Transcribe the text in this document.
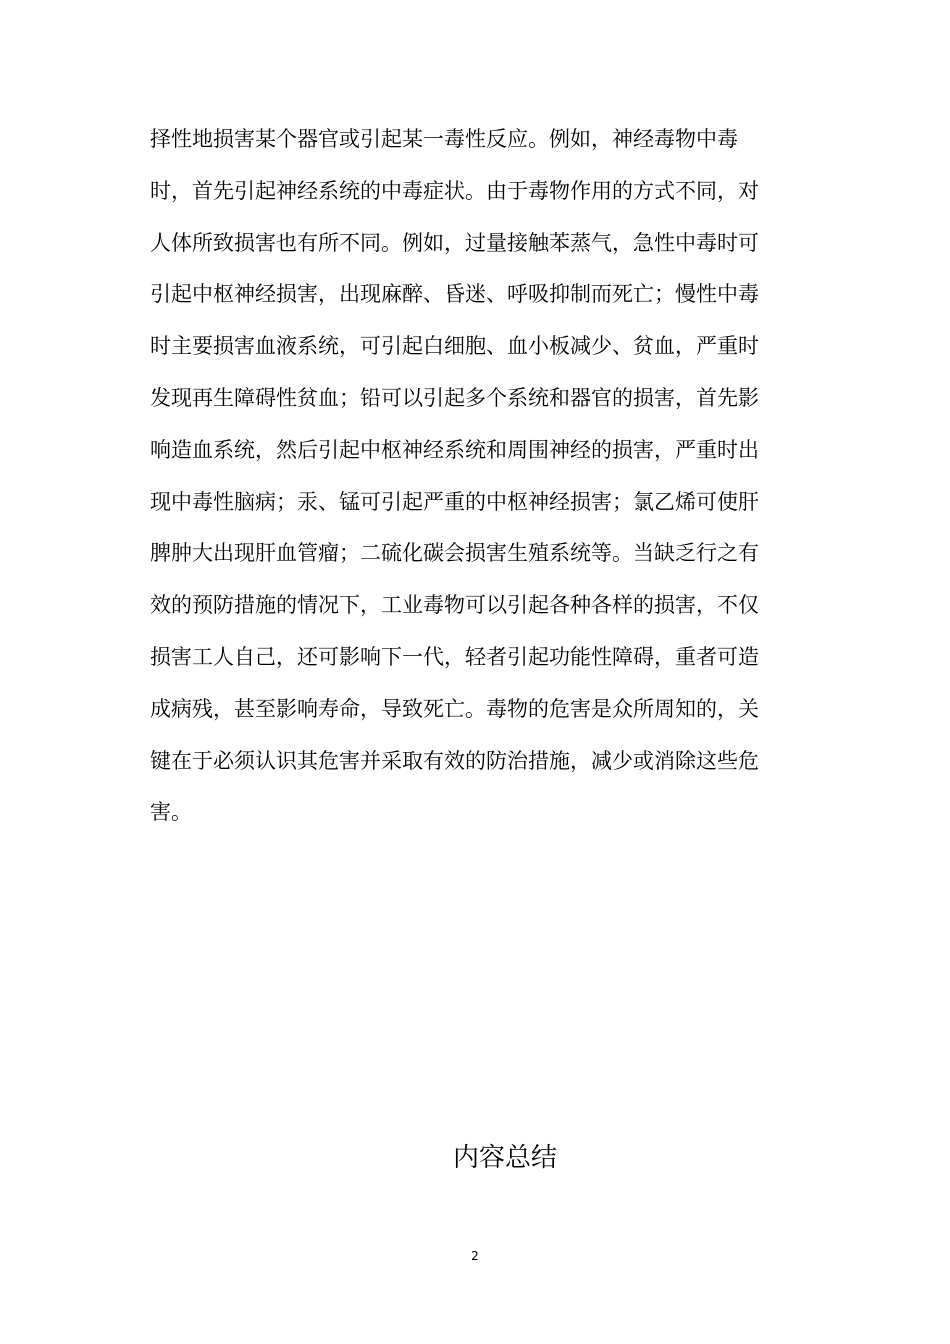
择性地损害某个器官或引起某一毒性反应。例如，神经毒物中毒
时，首先引起神经系统的中毒症状。由于毒物作用的方式不同，对
人体所致损害也有所不同。例如，过量接触苯蒸气，急性中毒时可
引起中枢神经损害，出现麻醉、昏迷、呼吸抑制而死亡；慢性中毒
时主要损害血液系统，可引起白细胞、血小板减少、贫血，严重时
发现再生障碍性贫血；铅可以引起多个系统和器官的损害，首先影
响造血系统，然后引起中枢神经系统和周围神经的损害，严重时出
现中毒性脑病；汞、锰可引起严重的中枢神经损害；氯乙烯可使肝
脾肿大出现肝血管瘤；二硫化碳会损害生殖系统等。当缺乏行之有
效的预防措施的情况下，工业毒物可以引起各种各样的损害，不仅
损害工人自己，还可影响下一代，轻者引起功能性障碍，重者可造
成病残，甚至影响寿命，导致死亡。毒物的危害是众所周知的，关
键在于必须认识其危害并采取有效的防治措施，减少或消除这些危
害。
内容总结
2
